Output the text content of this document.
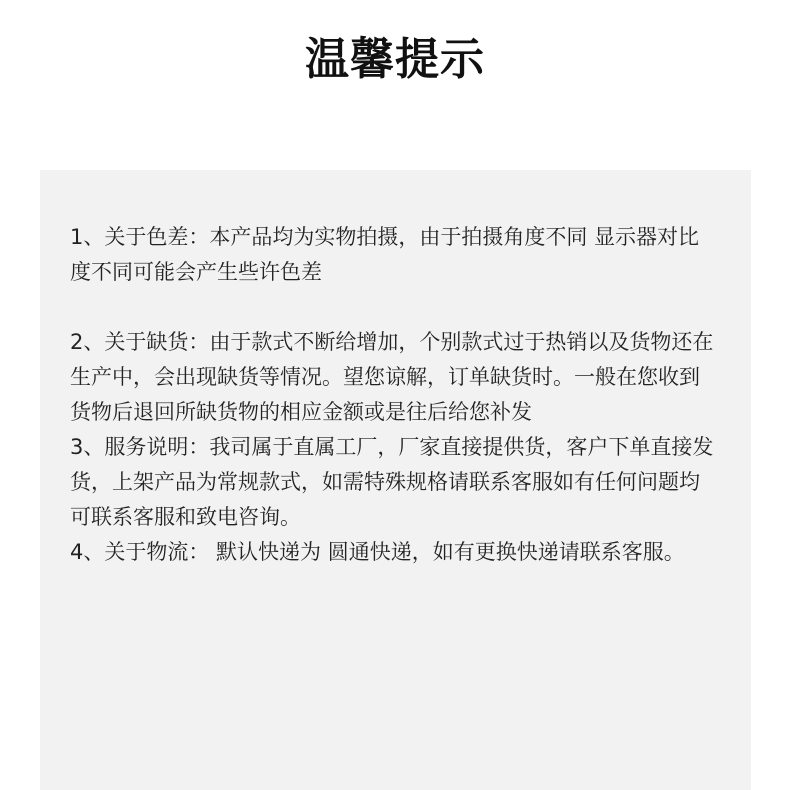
温馨提示

1、关于色差：本产品均为实物拍摄，由于拍摄角度不同 显示器对比度不同可能会产生些许色差

2、关于缺货：由于款式不断给增加，个别款式过于热销以及货物还在生产中，会出现缺货等情况。望您谅解，订单缺货时。一般在您收到货物后退回所缺货物的相应金额或是往后给您补发

3、服务说明：我司属于直属工厂，厂家直接提供货，客户下单直接发货，上架产品为常规款式，如需特殊规格请联系客服如有任何问题均可联系客服和致电咨询。

4、关于物流： 默认快递为 圆通快递，如有更换快递请联系客服。
